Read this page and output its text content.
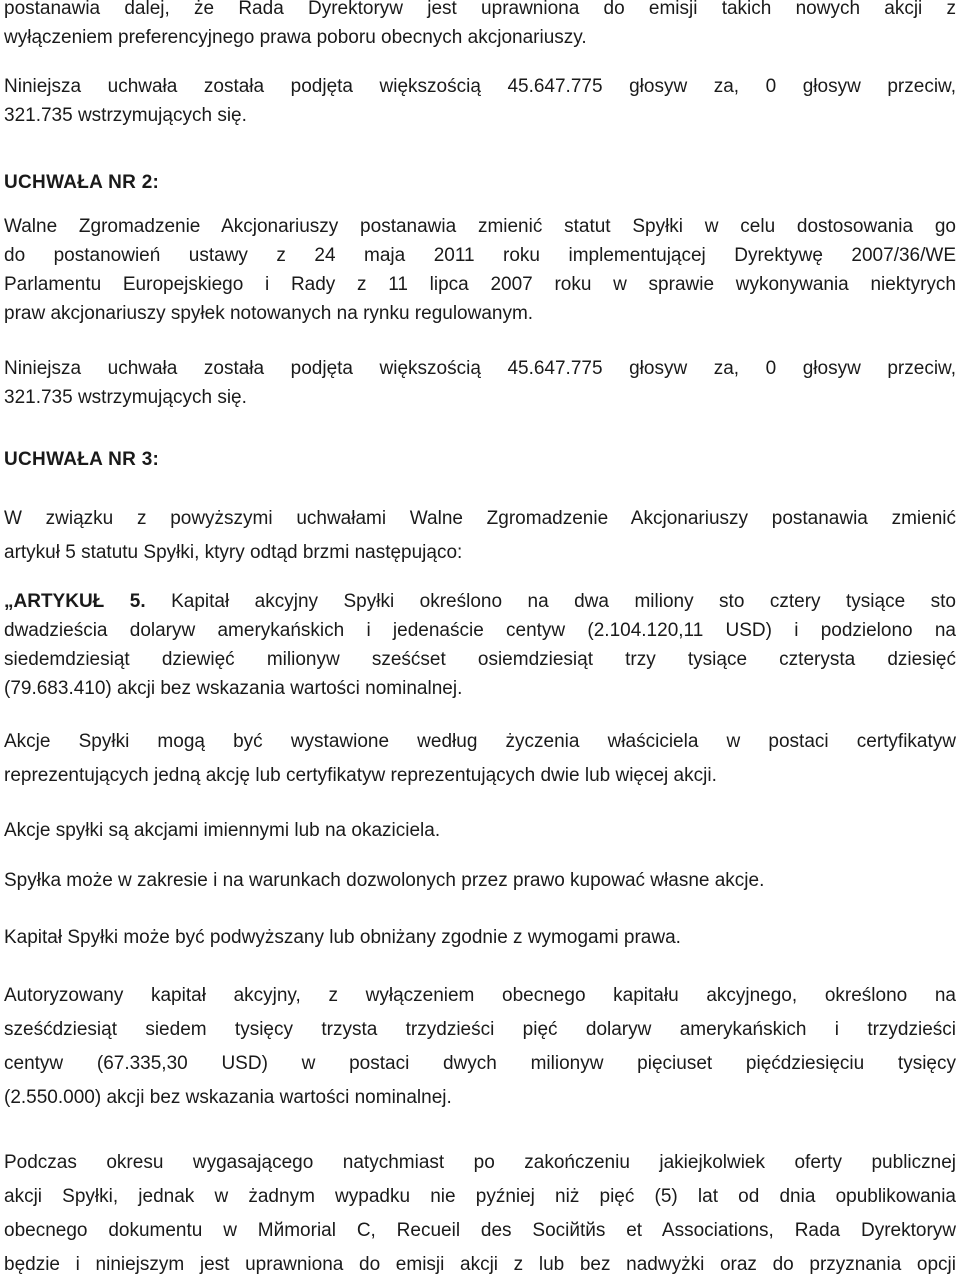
postanawia dalej, że Rada Dyrektoryw jest uprawniona do emisji takich nowych akcji z
wyłączeniem preferencyjnego prawa poboru obecnych akcjonariuszy.
Niniejsza uchwała została podjęta większością 45.647.775 głosyw za, 0 głosyw przeciw,
321.735 wstrzymujących się.
UCHWAŁA NR 2:
Walne Zgromadzenie Akcjonariuszy postanawia zmienić statut Spyłki w celu dostosowania go
do postanowień ustawy z 24 maja 2011 roku implementującej Dyrektywę 2007/36/WE
Parlamentu Europejskiego i Rady z 11 lipca 2007 roku w sprawie wykonywania niektyrych
praw akcjonariuszy spyłek notowanych na rynku regulowanym.
Niniejsza uchwała została podjęta większością 45.647.775 głosyw za, 0 głosyw przeciw,
321.735 wstrzymujących się.
UCHWAŁA NR 3:
W związku z powyższymi uchwałami Walne Zgromadzenie Akcjonariuszy postanawia zmienić
artykuł 5 statutu Spyłki, ktyry odtąd brzmi następująco:
„ARTYKUŁ 5. Kapitał akcyjny Spyłki określono na dwa miliony sto cztery tysiące sto
dwadzieścia dolaryw amerykańskich i jedenaście centyw (2.104.120,11 USD) i podzielono na
siedemdziesiąt dziewięć milionyw sześćset osiemdziesiąt trzy tysiące czterysta dziesięć
(79.683.410) akcji bez wskazania wartości nominalnej.
Akcje Spyłki mogą być wystawione według życzenia właściciela w postaci certyfikatyw
reprezentujących jedną akcję lub certyfikatyw reprezentujących dwie lub więcej akcji.
Akcje spyłki są akcjami imiennymi lub na okaziciela.
Spyłka może w zakresie i na warunkach dozwolonych przez prawo kupować własne akcje.
Kapitał Spyłki może być podwyższany lub obniżany zgodnie z wymogami prawa.
Autoryzowany kapitał akcyjny, z wyłączeniem obecnego kapitału akcyjnego, określono na
sześćdziesiąt siedem tysięcy trzysta trzydzieści pięć dolaryw amerykańskich i trzydzieści
centyw (67.335,30 USD) w postaci dwych milionyw pięciuset pięćdziesięciu tysięcy
(2.550.000) akcji bez wskazania wartości nominalnej.
Podczas okresu wygasającego natychmiast po zakończeniu jakiejkolwiek oferty publicznej
akcji Spyłki, jednak w żadnym wypadku nie pyźniej niż pięć (5) lat od dnia opublikowania
obecnego dokumentu w Mйmorial C, Recueil des Sociйtйs et Associations, Rada Dyrektoryw
będzie i niniejszym jest uprawniona do emisji akcji z lub bez nadwyżki oraz do przyznania opcji
